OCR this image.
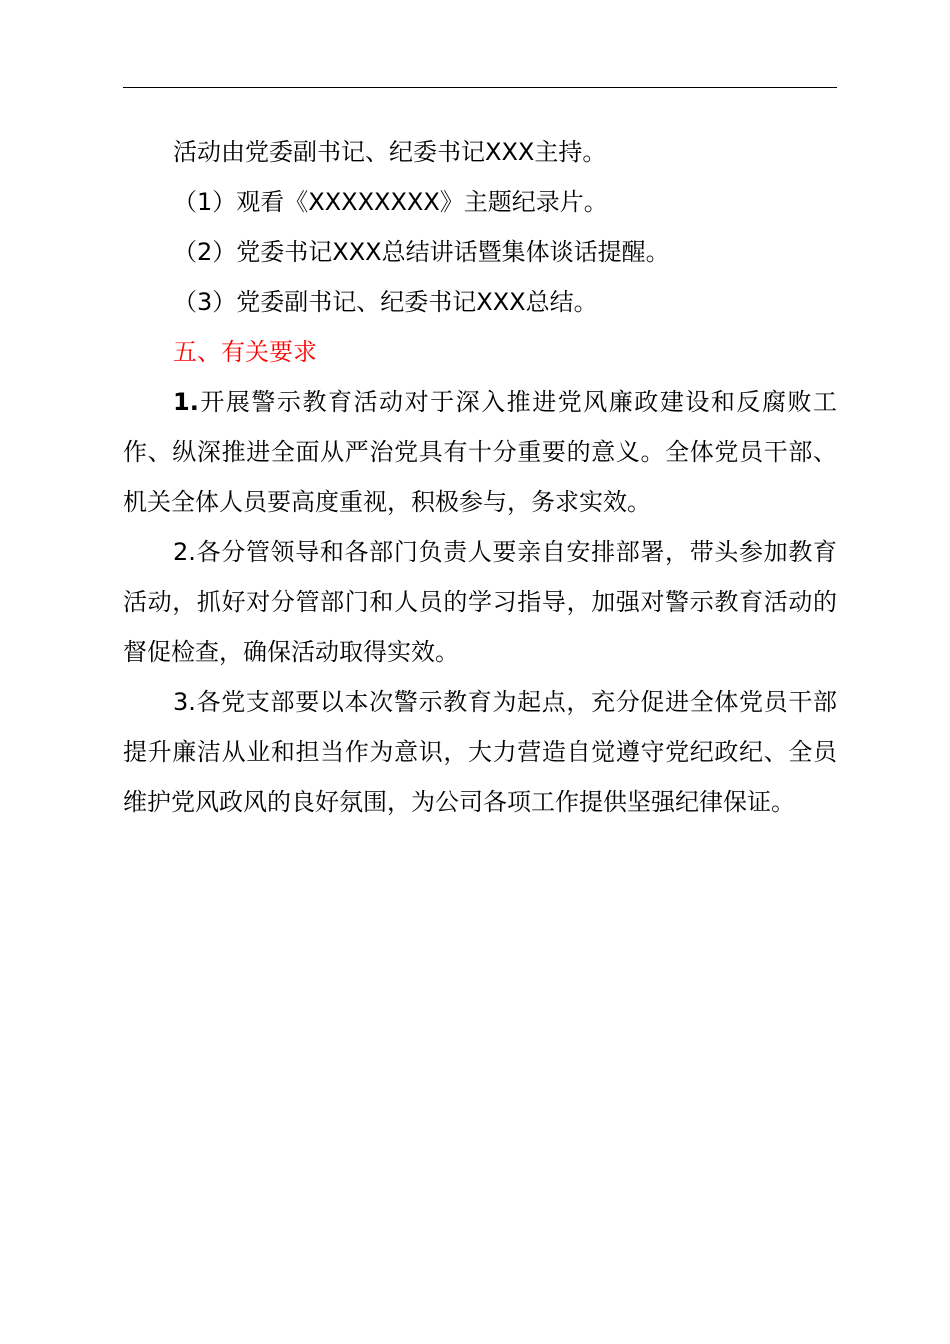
活动由党委副书记、纪委书记XXX主持。

（1）观看《XXXXXXXX》主题纪录片。

（2）党委书记XXX总结讲话暨集体谈话提醒。

（3）党委副书记、纪委书记XXX总结。

五、有关要求

1.开展警示教育活动对于深入推进党风廉政建设和反腐败工作、纵深推进全面从严治党具有十分重要的意义。全体党员干部、机关全体人员要高度重视，积极参与，务求实效。

2.各分管领导和各部门负责人要亲自安排部署，带头参加教育活动，抓好对分管部门和人员的学习指导，加强对警示教育活动的督促检查，确保活动取得实效。

3.各党支部要以本次警示教育为起点，充分促进全体党员干部提升廉洁从业和担当作为意识，大力营造自觉遵守党纪政纪、全员维护党风政风的良好氛围，为公司各项工作提供坚强纪律保证。
